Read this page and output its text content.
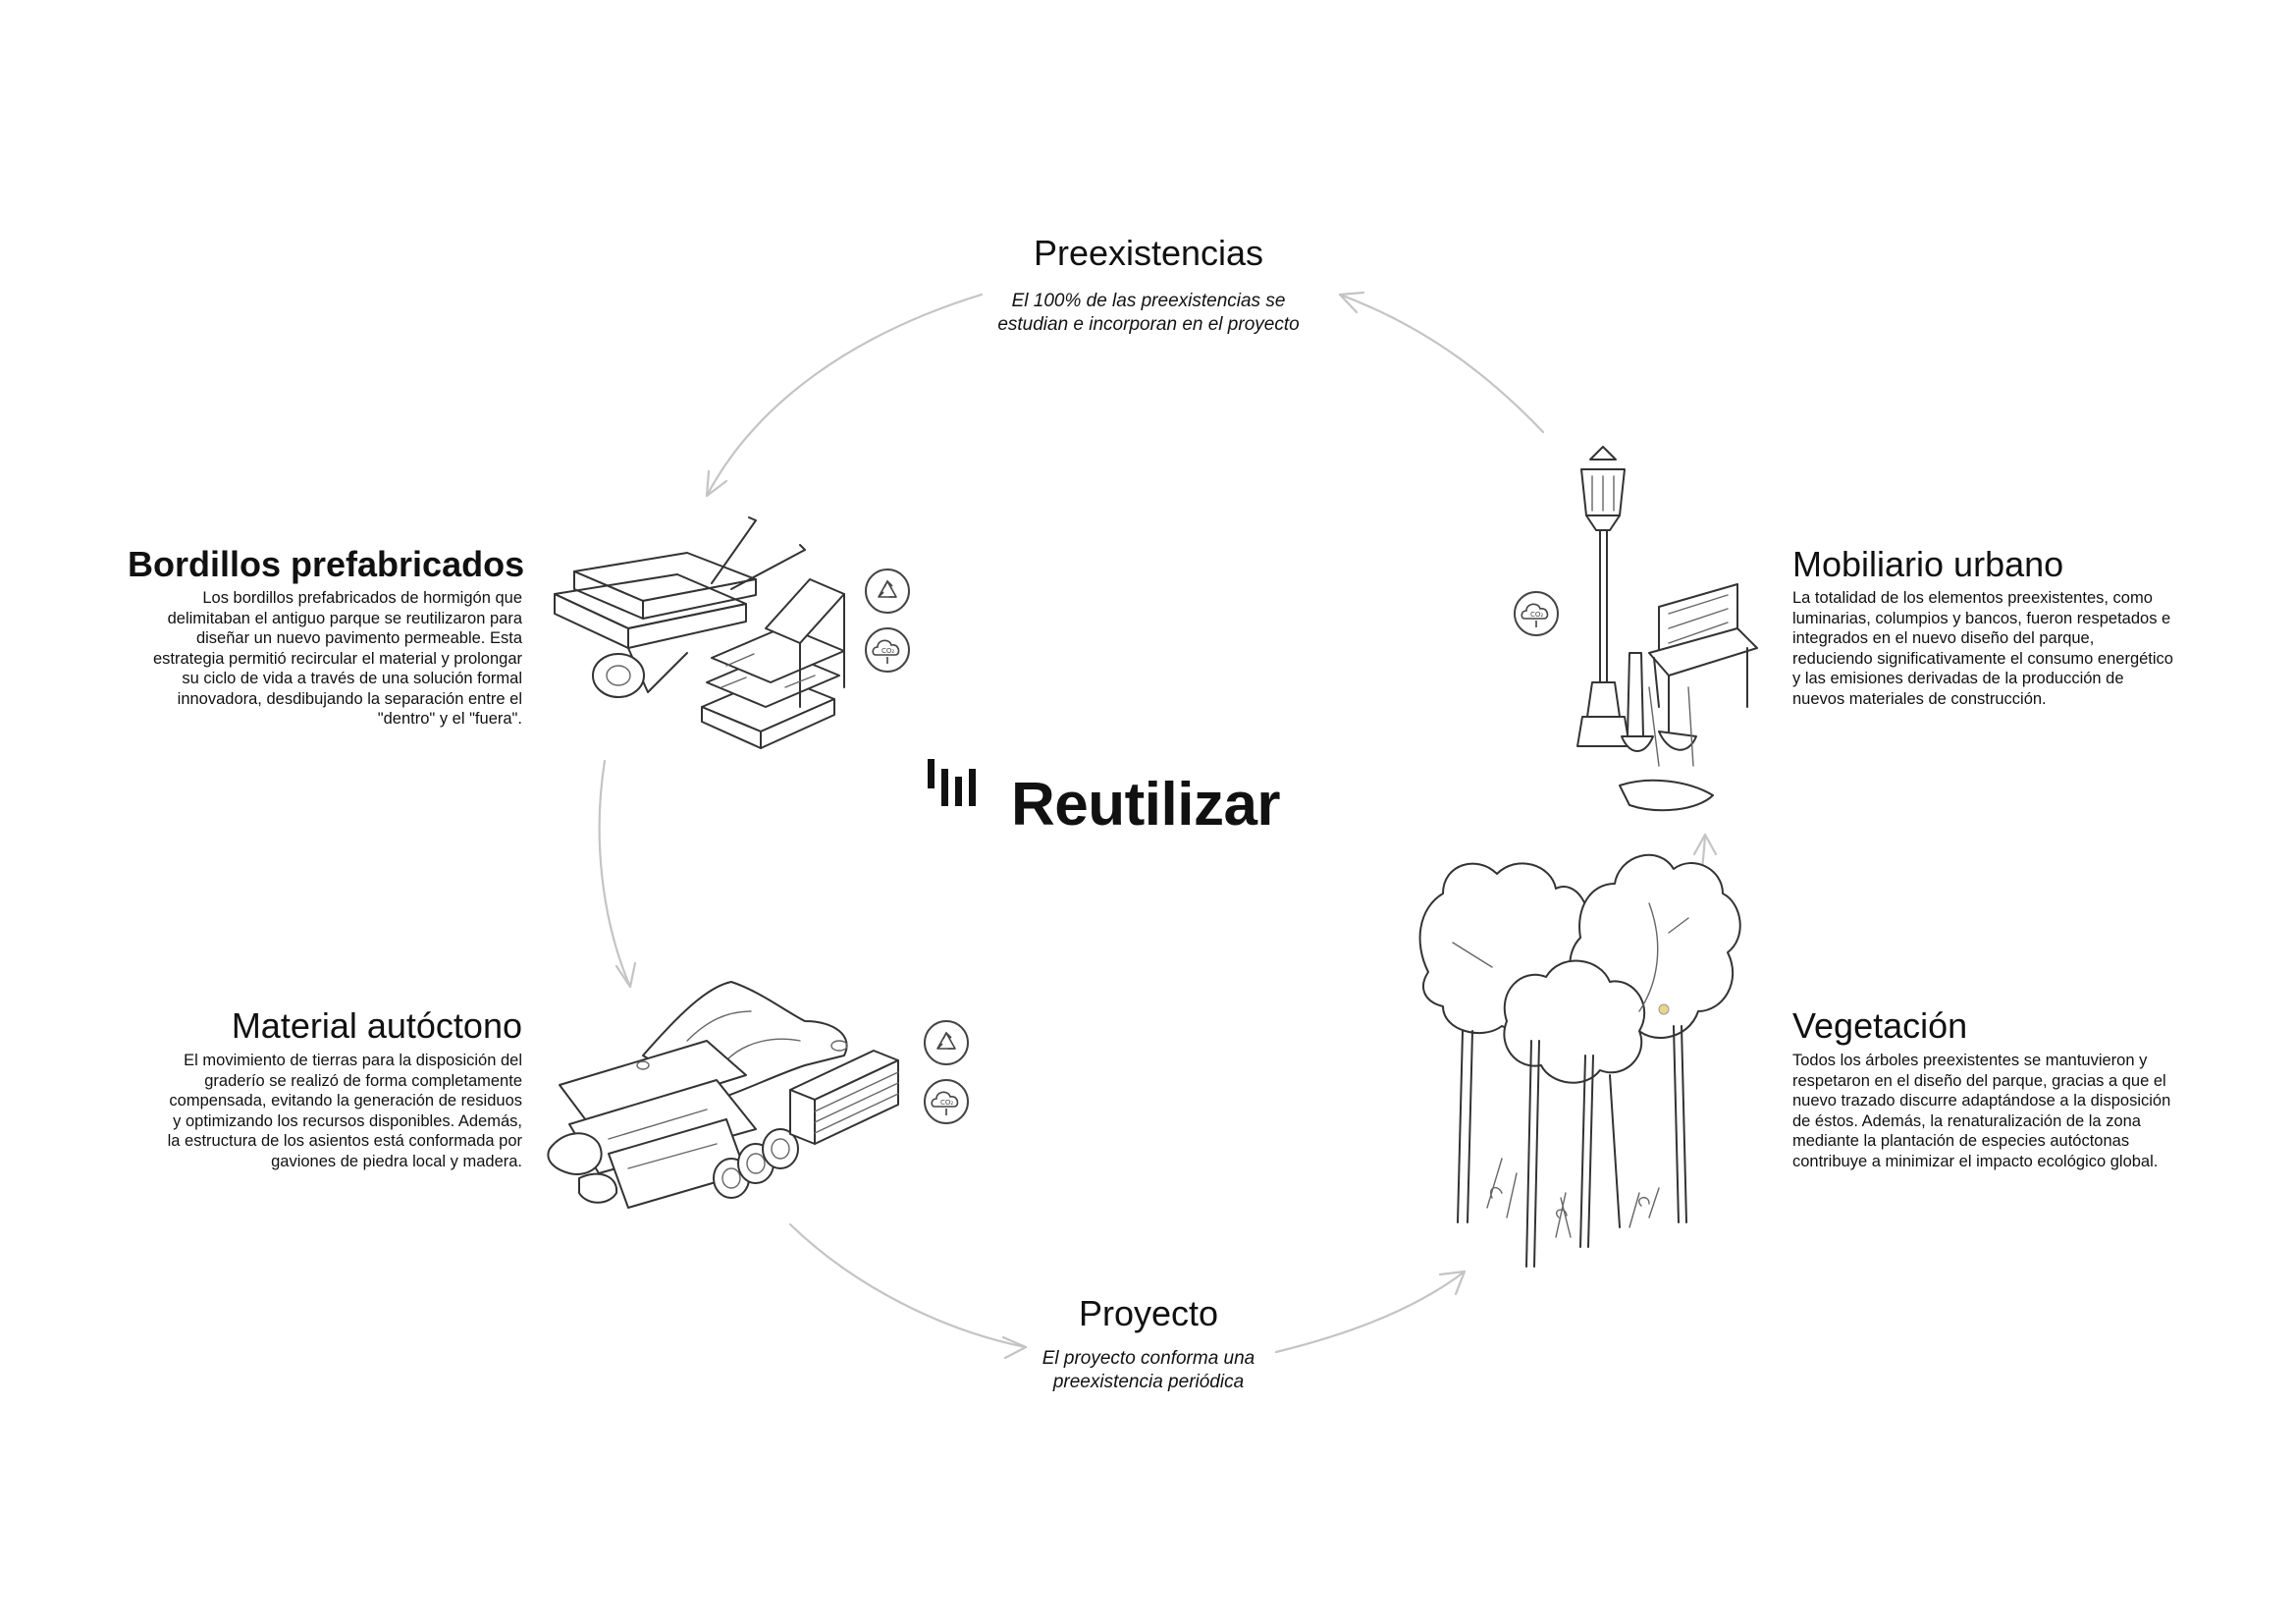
CO₂
CO₂
CO₂
Reutilizar
Preexistencias
El 100% de las preexistencias se
estudian e incorporan en el proyecto
Proyecto
El proyecto conforma una
preexistencia periódica
Bordillos prefabricados
Los bordillos prefabricados de hormigón que
delimitaban el antiguo parque se reutilizaron para
diseñar un nuevo pavimento permeable. Esta
estrategia permitió recircular el material y prolongar
su ciclo de vida a través de una solución formal
innovadora, desdibujando la separación entre el
"dentro" y el "fuera".
Material autóctono
El movimiento de tierras para la disposición del
graderío se realizó de forma completamente
compensada, evitando la generación de residuos
y optimizando los recursos disponibles. Además,
la estructura de los asientos está conformada por
gaviones de piedra local y madera.
Mobiliario urbano
La totalidad de los elementos preexistentes, como
luminarias, columpios y bancos, fueron respetados e
integrados en el nuevo diseño del parque,
reduciendo significativamente el consumo energético
y las emisiones derivadas de la producción de
nuevos materiales de construcción.
Vegetación
Todos los árboles preexistentes se mantuvieron y
respetaron en el diseño del parque, gracias a que el
nuevo trazado discurre adaptándose a la disposición
de éstos. Además, la renaturalización de la zona
mediante la plantación de especies autóctonas
contribuye a minimizar el impacto ecológico global.
